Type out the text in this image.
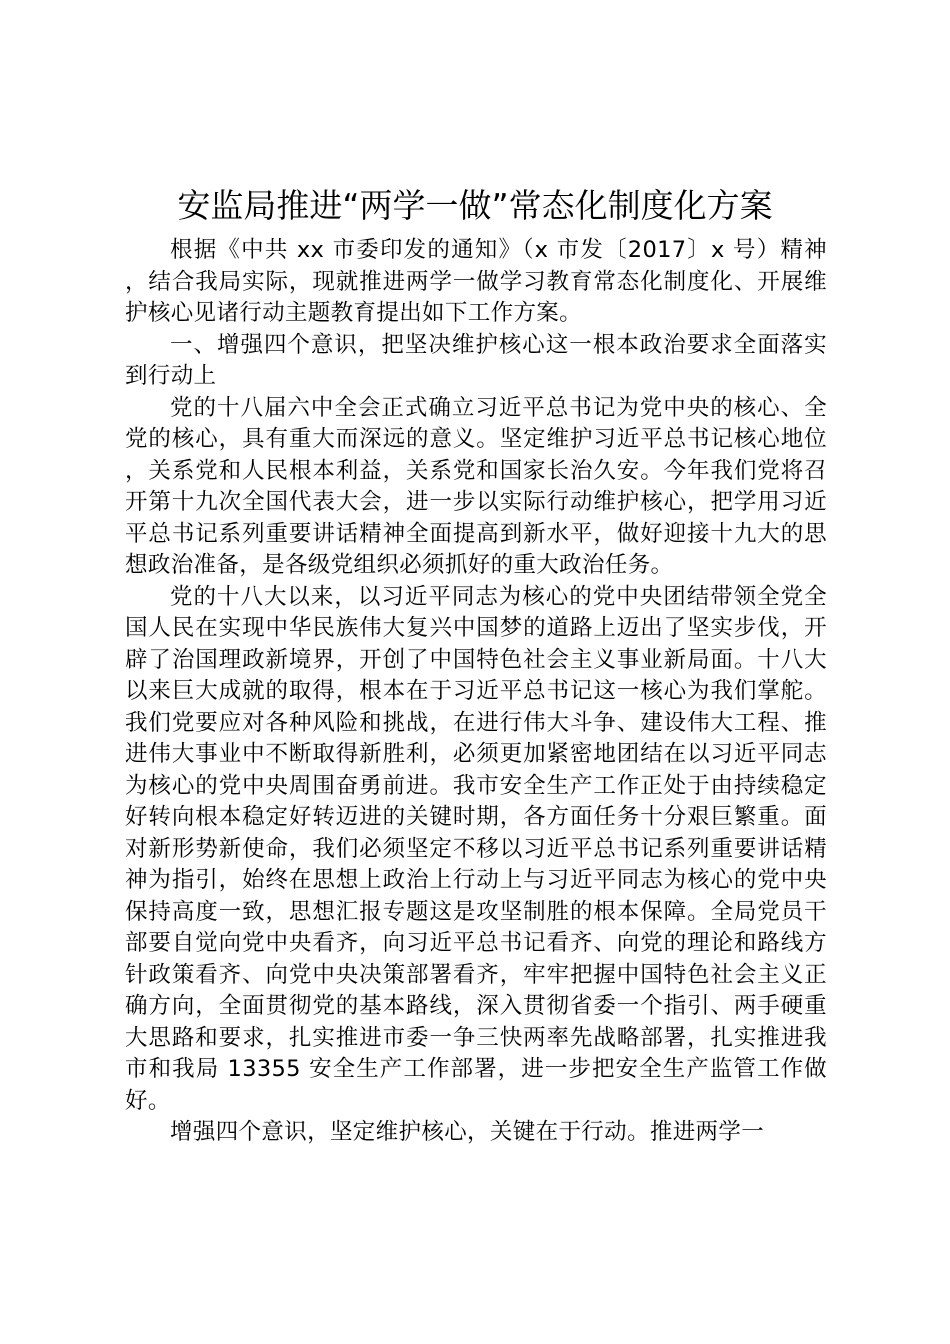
安监局推进“两学一做”常态化制度化方案

根据《中共 xx 市委印发的通知》（x 市发〔2017〕x 号）精神，结合我局实际，现就推进两学一做学习教育常态化制度化、开展维护核心见诸行动主题教育提出如下工作方案。

一、增强四个意识，把坚决维护核心这一根本政治要求全面落实到行动上

党的十八届六中全会正式确立习近平总书记为党中央的核心、全党的核心，具有重大而深远的意义。坚定维护习近平总书记核心地位，关系党和人民根本利益，关系党和国家长治久安。今年我们党将召开第十九次全国代表大会，进一步以实际行动维护核心，把学用习近平总书记系列重要讲话精神全面提高到新水平，做好迎接十九大的思想政治准备，是各级党组织必须抓好的重大政治任务。

党的十八大以来，以习近平同志为核心的党中央团结带领全党全国人民在实现中华民族伟大复兴中国梦的道路上迈出了坚实步伐，开辟了治国理政新境界，开创了中国特色社会主义事业新局面。十八大以来巨大成就的取得，根本在于习近平总书记这一核心为我们掌舵。我们党要应对各种风险和挑战，在进行伟大斗争、建设伟大工程、推进伟大事业中不断取得新胜利，必须更加紧密地团结在以习近平同志为核心的党中央周围奋勇前进。我市安全生产工作正处于由持续稳定好转向根本稳定好转迈进的关键时期，各方面任务十分艰巨繁重。面对新形势新使命，我们必须坚定不移以习近平总书记系列重要讲话精神为指引，始终在思想上政治上行动上与习近平同志为核心的党中央保持高度一致，思想汇报专题这是攻坚制胜的根本保障。全局党员干部要自觉向党中央看齐，向习近平总书记看齐、向党的理论和路线方针政策看齐、向党中央决策部署看齐，牢牢把握中国特色社会主义正确方向，全面贯彻党的基本路线，深入贯彻省委一个指引、两手硬重大思路和要求，扎实推进市委一争三快两率先战略部署，扎实推进我市和我局 13355 安全生产工作部署，进一步把安全生产监管工作做好。

增强四个意识，坚定维护核心，关键在于行动。推进两学一
